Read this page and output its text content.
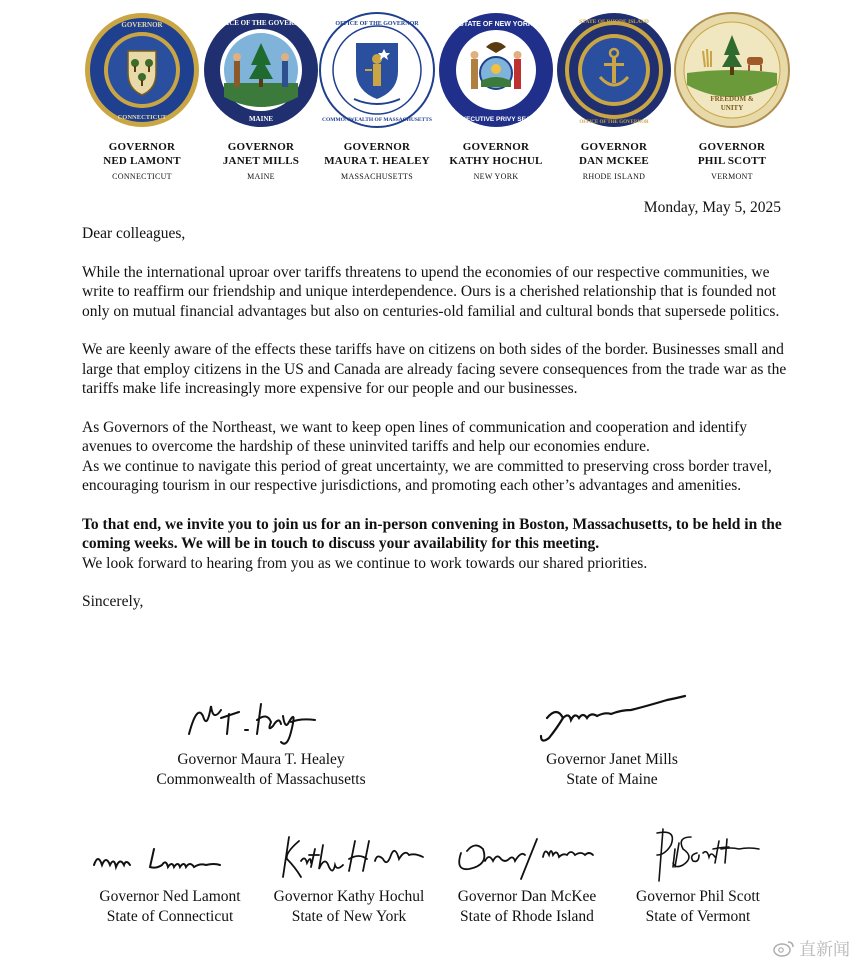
GOVERNOR
CONNECTICUT
GOVERNOR
NED LAMONT
CONNECTICUT
OFFICE OF THE GOVERNOR
MAINE
GOVERNOR
JANET MILLS
MAINE
OFFICE OF THE GOVERNOR
COMMONWEALTH OF MASSACHUSETTS
GOVERNOR
MAURA T. HEALEY
MASSACHUSETTS
STATE OF NEW YORK
EXECUTIVE PRIVY SEAL
GOVERNOR
KATHY HOCHUL
NEW YORK
STATE OF RHODE ISLAND
OFFICE OF THE GOVERNOR
GOVERNOR
DAN MCKEE
RHODE ISLAND
FREEDOM &
UNITY
GOVERNOR
PHIL SCOTT
VERMONT
Monday, May 5, 2025

Dear colleagues,

While the international uproar over tariffs threatens to upend the economies of our respective communities, we write to reaffirm our friendship and unique interdependence. Ours is a cherished relationship that is founded not only on mutual financial advantages but also on centuries-old familial and cultural bonds that supersede politics.

We are keenly aware of the effects these tariffs have on citizens on both sides of the border. Businesses small and large that employ citizens in the US and Canada are already facing severe consequences from the trade war as the tariffs make life increasingly more expensive for our people and our businesses.

As Governors of the Northeast, we want to keep open lines of communication and cooperation and identify avenues to overcome the hardship of these uninvited tariffs and help our economies endure.
As we continue to navigate this period of great uncertainty, we are committed to preserving cross border travel, encouraging tourism in our respective jurisdictions, and promoting each other’s advantages and amenities.

To that end, we invite you to join us for an in-person convening in Boston, Massachusetts, to be held in the coming weeks. We will be in touch to discuss your availability for this meeting.
We look forward to hearing from you as we continue to work towards our shared priorities.

Sincerely,

Governor Maura T. Healey
Commonwealth of Massachusetts
Governor Janet Mills
State of Maine
Governor Ned Lamont
State of Connecticut
Governor Kathy Hochul
State of New York
Governor Dan McKee
State of Rhode Island
Governor Phil Scott
State of Vermont
直新闻
